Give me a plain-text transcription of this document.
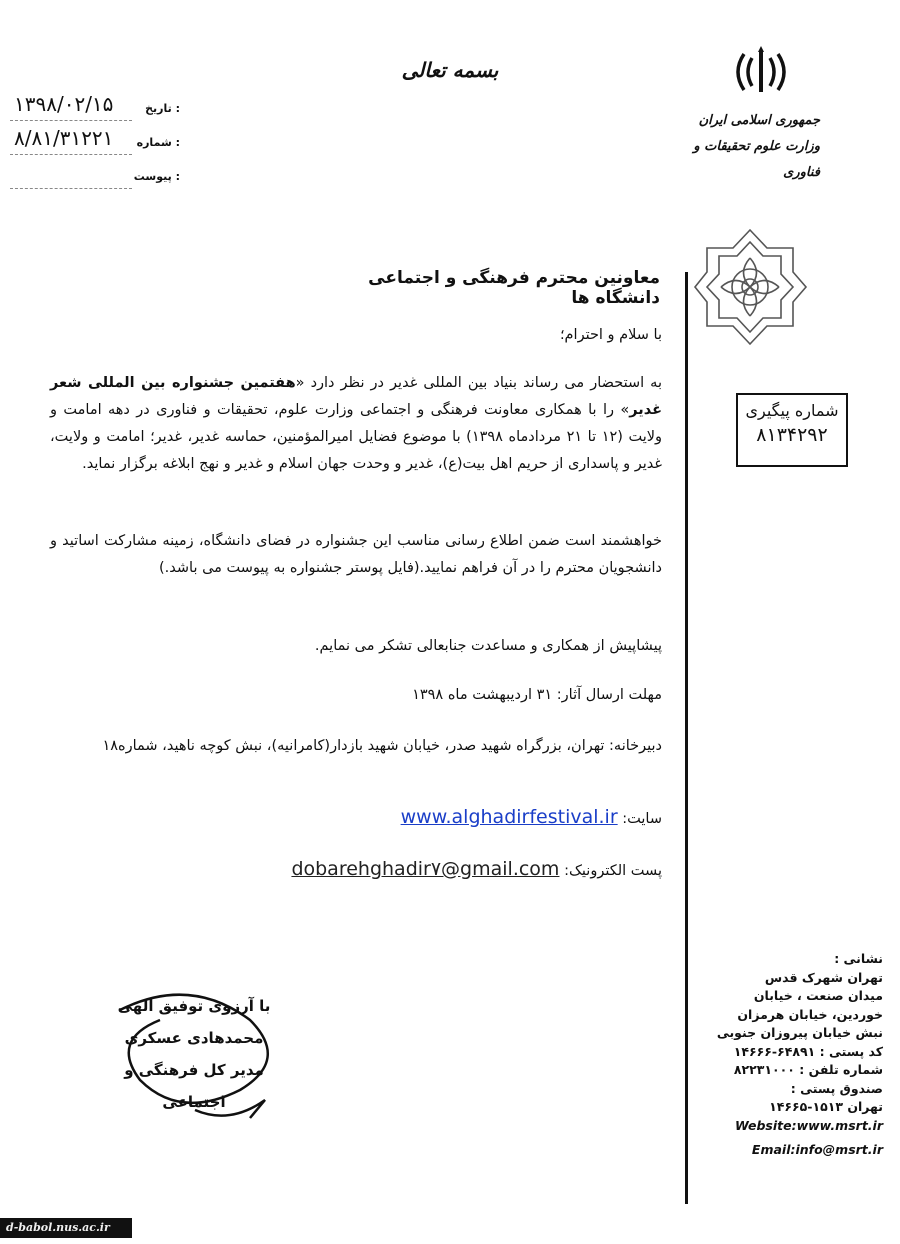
بسمه تعالی
جمهوری اسلامی ایران
وزارت علوم تحقیقات و فناوری
تاریخ :
۱۳۹۸/۰۲/۱۵
شماره :
۸/۸۱/۳۱۲۲۱
پیوست :
شماره پیگیری
۸۱۳۴۲۹۲
معاونین محترم فرهنگی و اجتماعی دانشگاه ها
با سلام و احترام؛
به استحضار می رساند بنیاد بین المللی غدیر در نظر دارد «هفتمین جشنواره بین المللی شعر غدیر» را با همکاری معاونت فرهنگی و اجتماعی وزارت علوم، تحقیقات و فناوری در دهه امامت و ولایت (۱۲ تا ۲۱ مردادماه ۱۳۹۸) با موضوع فضایل امیرالمؤمنین، حماسه غدیر، غدیر؛ امامت و ولایت، غدیر و پاسداری از حریم اهل بیت(ع)، غدیر و وحدت جهان اسلام و غدیر و نهج ابلاغه برگزار نماید.
خواهشمند است ضمن اطلاع رسانی مناسب این جشنواره در فضای دانشگاه، زمینه مشارکت اساتید و دانشجویان محترم را در آن فراهم نمایید.(فایل پوستر جشنواره به پیوست می باشد.)
پیشاپیش از همکاری و مساعدت جنابعالی تشکر می نمایم.
مهلت ارسال آثار: ۳۱ اردیبهشت ماه ۱۳۹۸
دبیرخانه: تهران، بزرگراه شهید صدر، خیابان شهید بازدار(کامرانیه)، نبش کوچه ناهید، شماره۱۸
سایت: www.alghadirfestival.ir
پست الکترونیک: dobarehghadir۷@gmail.com
با آرزوی توفیق الهی
محمدهادی عسکری
مدیر کل فرهنگی و اجتماعی
نشانی :
تهران شهرک قدس
میدان صنعت ، خیابان
خوردین، خیابان هرمزان
نبش خیابان پیروزان جنوبی
کد پستی : ۶۴۸۹۱-۱۴۶۶۶
شماره تلفن : ۸۲۲۳۱۰۰۰
صندوق پستی :
تهران ۱۵۱۳-۱۴۶۶۵
Website:www.msrt.ir
Email:info@msrt.ir
d-babol.nus.ac.ir
